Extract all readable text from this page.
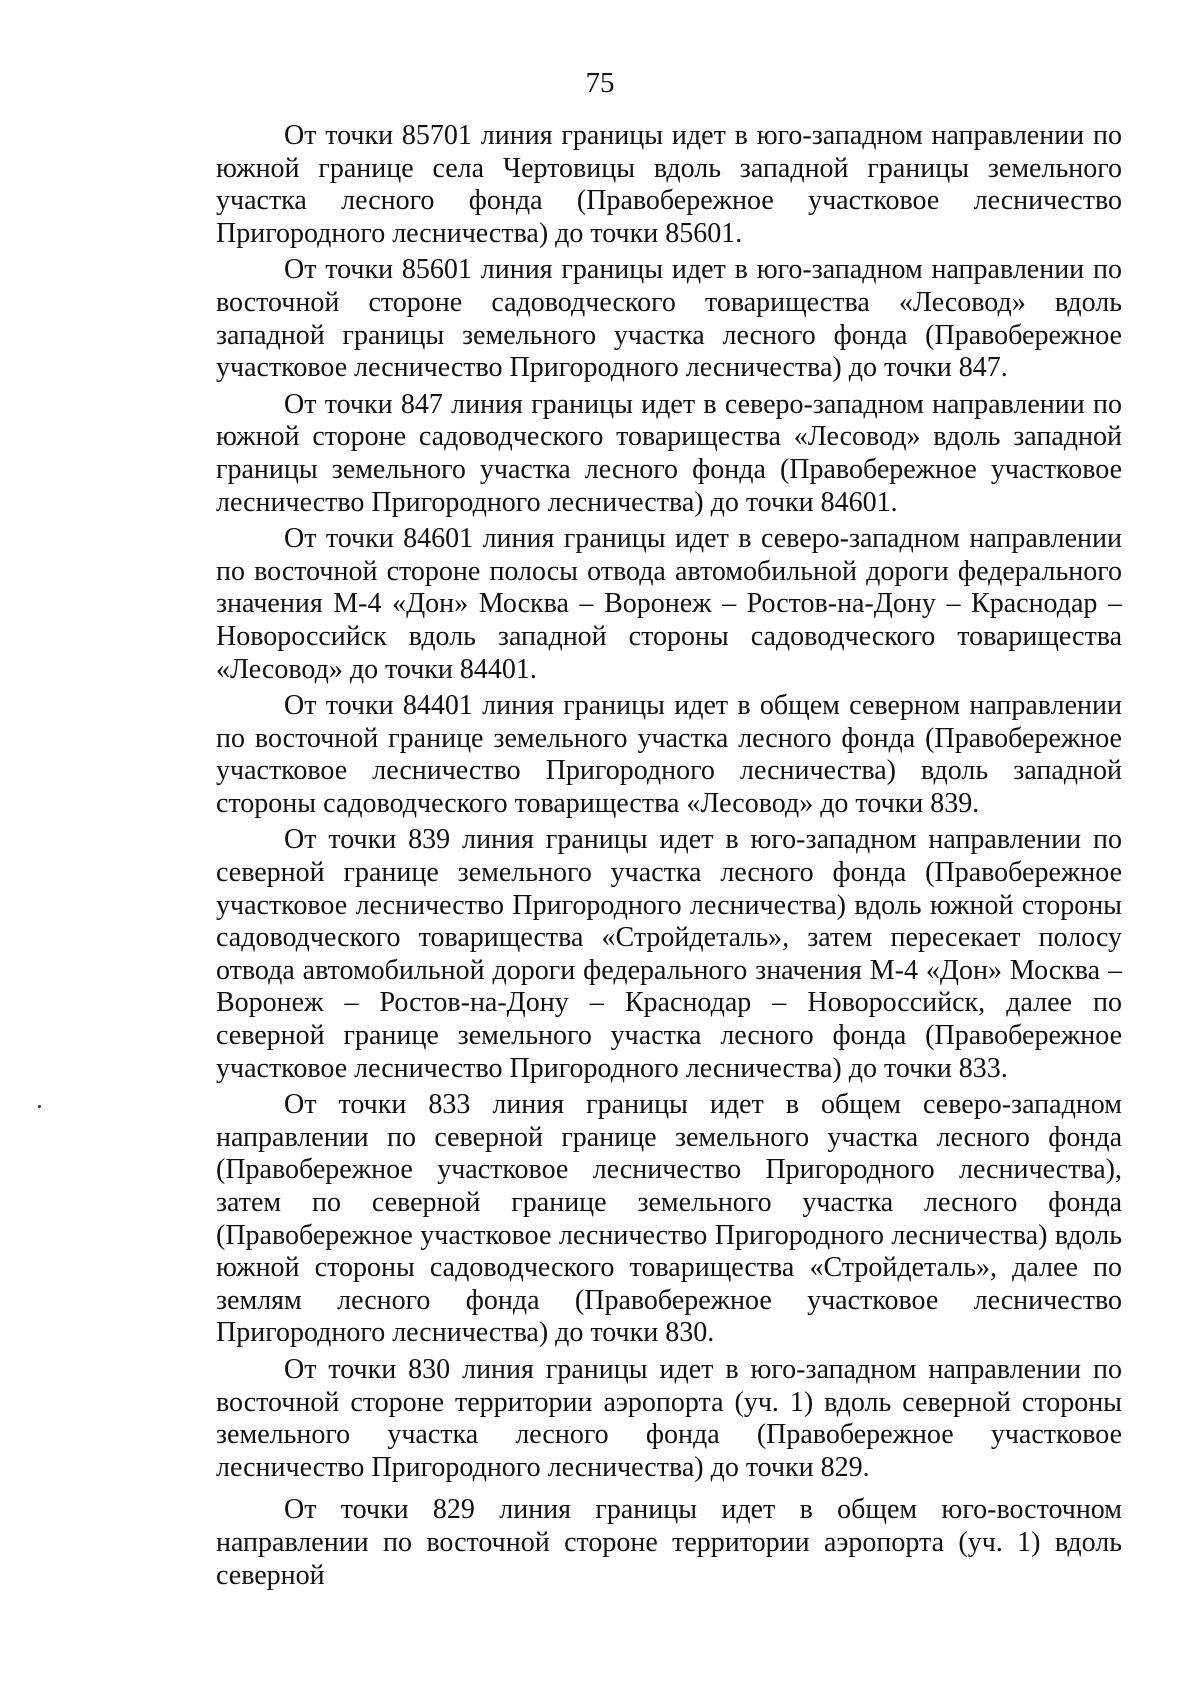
75

От точки 85701 линия границы идет в юго-западном направлении по южной границе села Чертовицы вдоль западной границы земельного участка лесного фонда (Правобережное участковое лесничество Пригородного лесничества) до точки 85601.

От точки 85601 линия границы идет в юго-западном направлении по восточной стороне садоводческого товарищества «Лесовод» вдоль западной границы земельного участка лесного фонда (Правобережное участковое лесничество Пригородного лесничества) до точки 847.

От точки 847 линия границы идет в северо-западном направлении по южной стороне садоводческого товарищества «Лесовод» вдоль западной границы земельного участка лесного фонда (Правобережное участковое лесничество Пригородного лесничества) до точки 84601.

От точки 84601 линия границы идет в северо-западном направлении по восточной стороне полосы отвода автомобильной дороги федерального значения М-4 «Дон» Москва – Воронеж – Ростов-на-Дону – Краснодар – Новороссийск вдоль западной стороны садоводческого товарищества «Лесовод» до точки 84401.

От точки 84401 линия границы идет в общем северном направлении по восточной границе земельного участка лесного фонда (Правобережное участковое лесничество Пригородного лесничества) вдоль западной стороны садоводческого товарищества «Лесовод» до точки 839.

От точки 839 линия границы идет в юго-западном направлении по северной границе земельного участка лесного фонда (Правобережное участковое лесничество Пригородного лесничества) вдоль южной стороны садоводческого товарищества «Стройдеталь», затем пересекает полосу отвода автомобильной дороги федерального значения М-4 «Дон» Москва – Воронеж – Ростов-на-Дону – Краснодар – Новороссийск, далее по северной границе земельного участка лесного фонда (Правобережное участковое лесничество Пригородного лесничества) до точки 833.

От точки 833 линия границы идет в общем северо-западном направлении по северной границе земельного участка лесного фонда (Правобережное участковое лесничество Пригородного лесничества), затем по северной границе земельного участка лесного фонда (Правобережное участковое лесничество Пригородного лесничества) вдоль южной стороны садоводческого товарищества «Стройдеталь», далее по землям лесного фонда (Правобережное участковое лесничество Пригородного лесничества) до точки 830.

От точки 830 линия границы идет в юго-западном направлении по восточной стороне территории аэропорта (уч. 1) вдоль северной стороны земельного участка лесного фонда (Правобережное участковое лесничество Пригородного лесничества) до точки 829.

От точки 829 линия границы идет в общем юго-восточном направлении по восточной стороне территории аэропорта (уч. 1) вдоль северной
